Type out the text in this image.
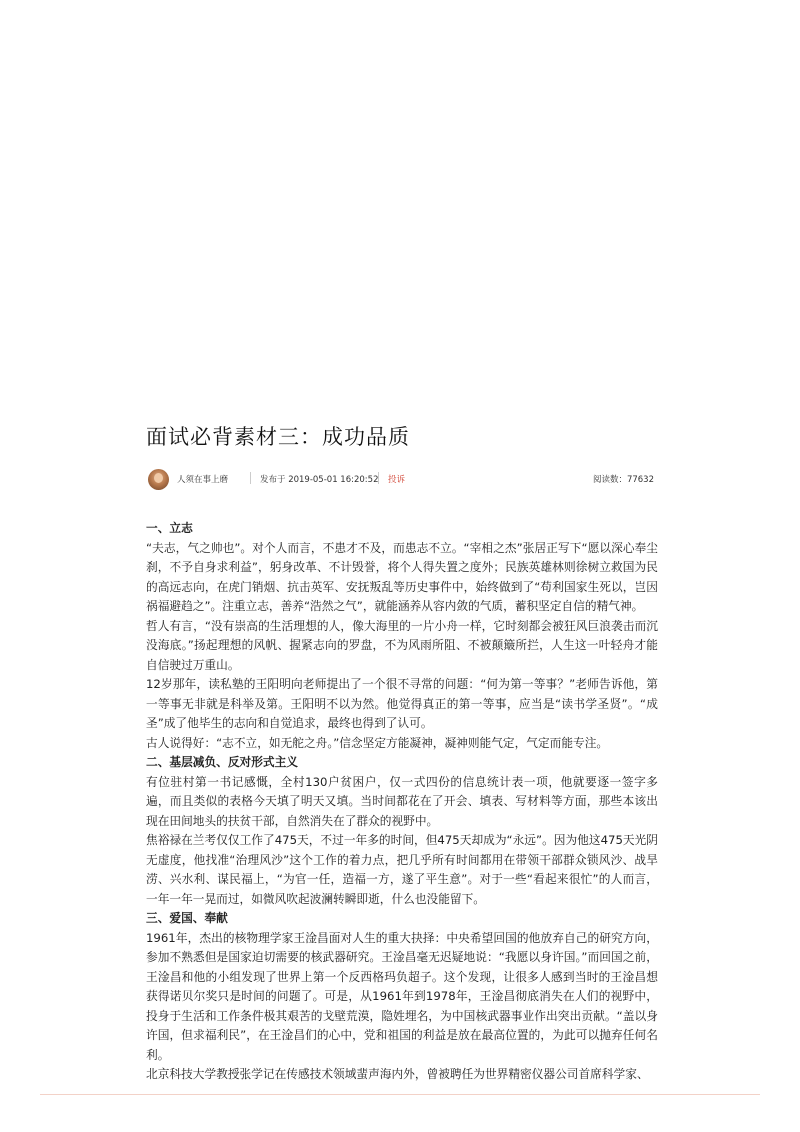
面试必背素材三：成功品质
人须在事上磨	发布于 2019-05-01 16:20:52 投诉	阅读数：77632
一、立志

“夫志，气之帅也”。对个人而言，不患才不及，而患志不立。“宰相之杰”张居正写下“愿以深心奉尘刹，不予自身求利益”，躬身改革、不计毁誉，将个人得失置之度外；民族英雄林则徐树立救国为民的高远志向，在虎门销烟、抗击英军、安抚叛乱等历史事件中，始终做到了“苟利国家生死以，岂因祸福避趋之”。注重立志，善养“浩然之气”，就能涵养从容内敛的气质，蓄积坚定自信的精气神。

哲人有言，“没有崇高的生活理想的人，像大海里的一片小舟一样，它时刻都会被狂风巨浪袭击而沉没海底。”扬起理想的风帆、握紧志向的罗盘，不为风雨所阻、不被颠簸所拦，人生这一叶轻舟才能自信驶过万重山。

12岁那年，读私塾的王阳明向老师提出了一个很不寻常的问题：“何为第一等事？”老师告诉他，第一等事无非就是科举及第。王阳明不以为然。他觉得真正的第一等事，应当是“读书学圣贤”。“成圣”成了他毕生的志向和自觉追求，最终也得到了认可。

古人说得好：“志不立，如无舵之舟。”信念坚定方能凝神，凝神则能气定，气定而能专注。

二、基层减负、反对形式主义

有位驻村第一书记感慨，全村130户贫困户，仅一式四份的信息统计表一项，他就要逐一签字多遍，而且类似的表格今天填了明天又填。当时间都花在了开会、填表、写材料等方面，那些本该出现在田间地头的扶贫干部，自然消失在了群众的视野中。

焦裕禄在兰考仅仅工作了475天，不过一年多的时间，但475天却成为“永远”。因为他这475天光阴无虚度，他找准“治理风沙”这个工作的着力点，把几乎所有时间都用在带领干部群众锁风沙、战旱涝、兴水利、谋民福上，“为官一任，造福一方，遂了平生意”。对于一些“看起来很忙”的人而言，一年一年一晃而过，如微风吹起波澜转瞬即逝，什么也没能留下。

三、爱国、奉献

1961年，杰出的核物理学家王淦昌面对人生的重大抉择：中央希望回国的他放弃自己的研究方向，参加不熟悉但是国家迫切需要的核武器研究。王淦昌毫无迟疑地说：“我愿以身许国。”而回国之前，王淦昌和他的小组发现了世界上第一个反西格玛负超子。这个发现，让很多人感到当时的王淦昌想获得诺贝尔奖只是时间的问题了。可是，从1961年到1978年，王淦昌彻底消失在人们的视野中，投身于生活和工作条件极其艰苦的戈壁荒漠，隐姓埋名，为中国核武器事业作出突出贡献。“盖以身许国，但求福利民”，在王淦昌们的心中，党和祖国的利益是放在最高位置的，为此可以抛弃任何名利。

北京科技大学教授张学记在传感技术领域蜚声海内外，曾被聘任为世界精密仪器公司首席科学家、
